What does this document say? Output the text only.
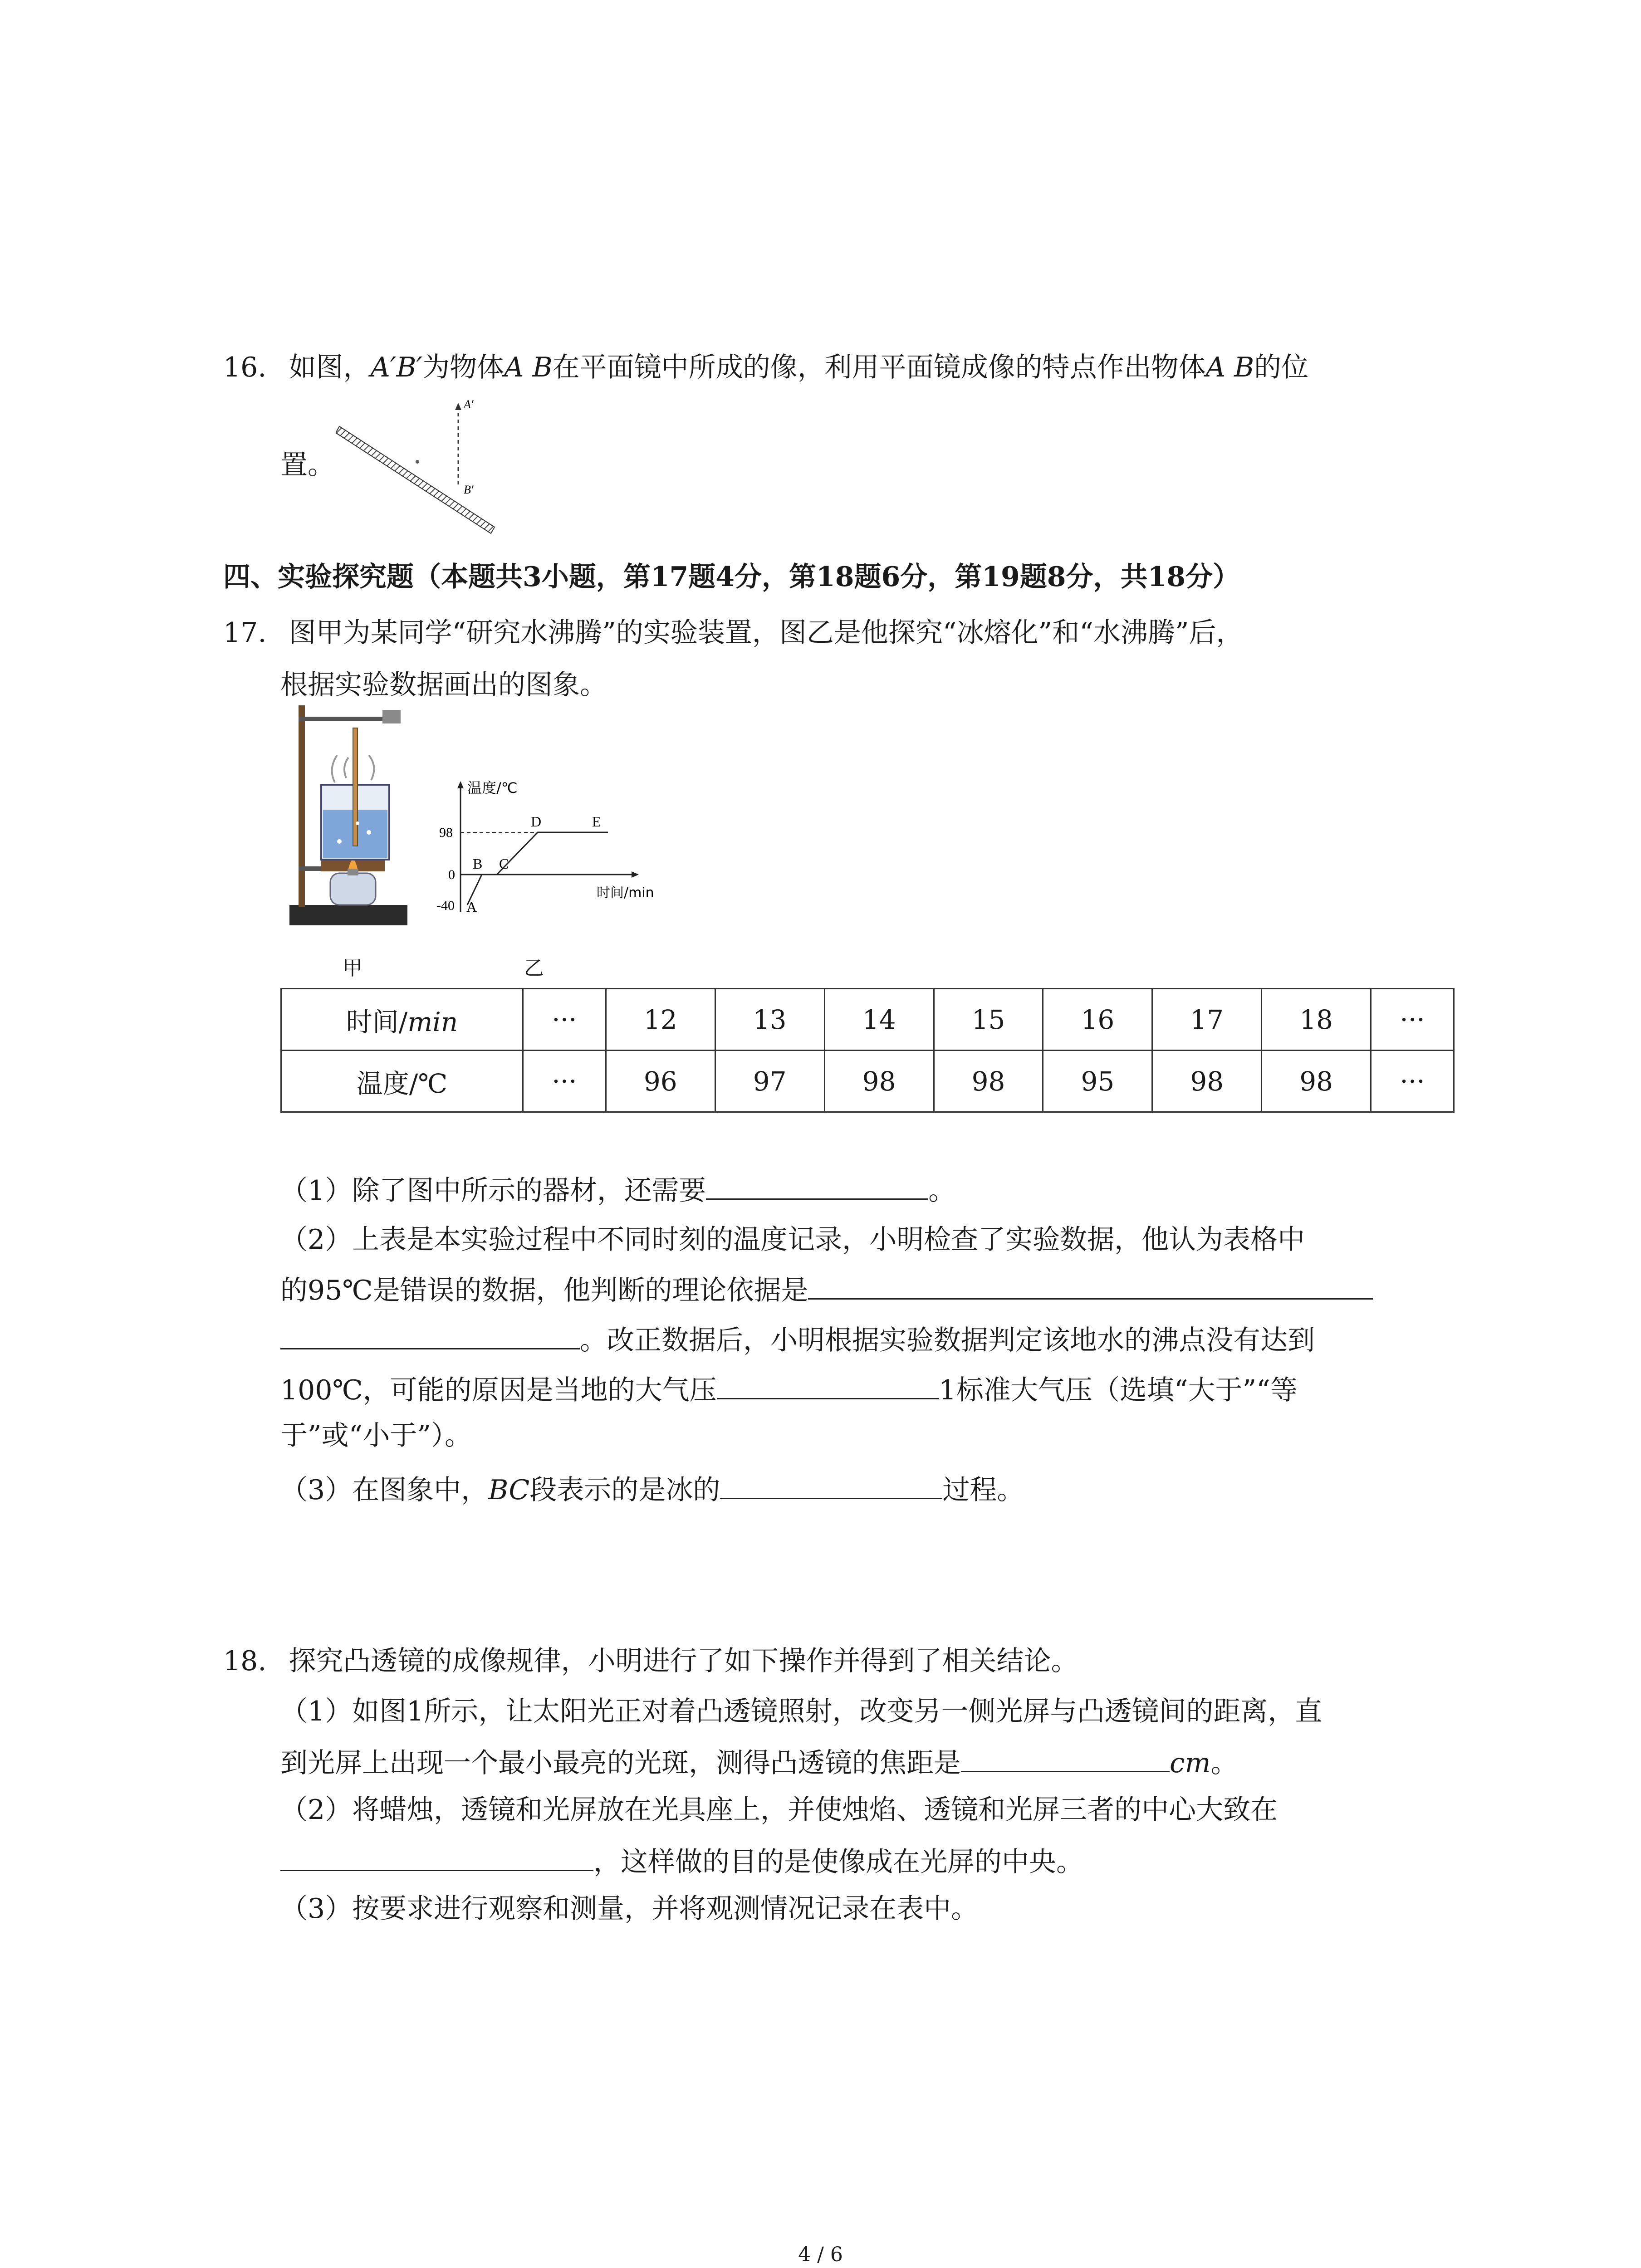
16. 如图，A′B′为物体A B在平面镜中所成的像，利用平面镜成像的特点作出物体A B的位
置。
A′
B′
四、实验探究题（本题共3小题，第17题4分，第18题6分，第19题8分，共18分）
17. 图甲为某同学“研究水沸腾”的实验装置，图乙是他探究“冰熔化”和“水沸腾”后，
根据实验数据画出的图象。
甲
温度/℃
时间/min
98
0
-40 A
B C
D	E
乙
时间/min	···	12	13	14	15	16	17	18	···
温度/℃	···	96	97	98	98	95	98	98	···
（1）除了图中所示的器材，还需要	。
（2）上表是本实验过程中不同时刻的温度记录，小明检查了实验数据，他认为表格中
的95℃是错误的数据，他判断的理论依据是
。改正数据后，小明根据实验数据判定该地水的沸点没有达到
100℃，可能的原因是当地的大气压	1标准大气压（选填“大于”“等
于”或“小于”）。
（3）在图象中，BC段表示的是冰的	过程。
18. 探究凸透镜的成像规律，小明进行了如下操作并得到了相关结论。
（1）如图1所示，让太阳光正对着凸透镜照射，改变另一侧光屏与凸透镜间的距离，直
到光屏上出现一个最小最亮的光斑，测得凸透镜的焦距是	cm。
（2）将蜡烛，透镜和光屏放在光具座上，并使烛焰、透镜和光屏三者的中心大致在
，这样做的目的是使像成在光屏的中央。
（3）按要求进行观察和测量，并将观测情况记录在表中。
4 / 6
